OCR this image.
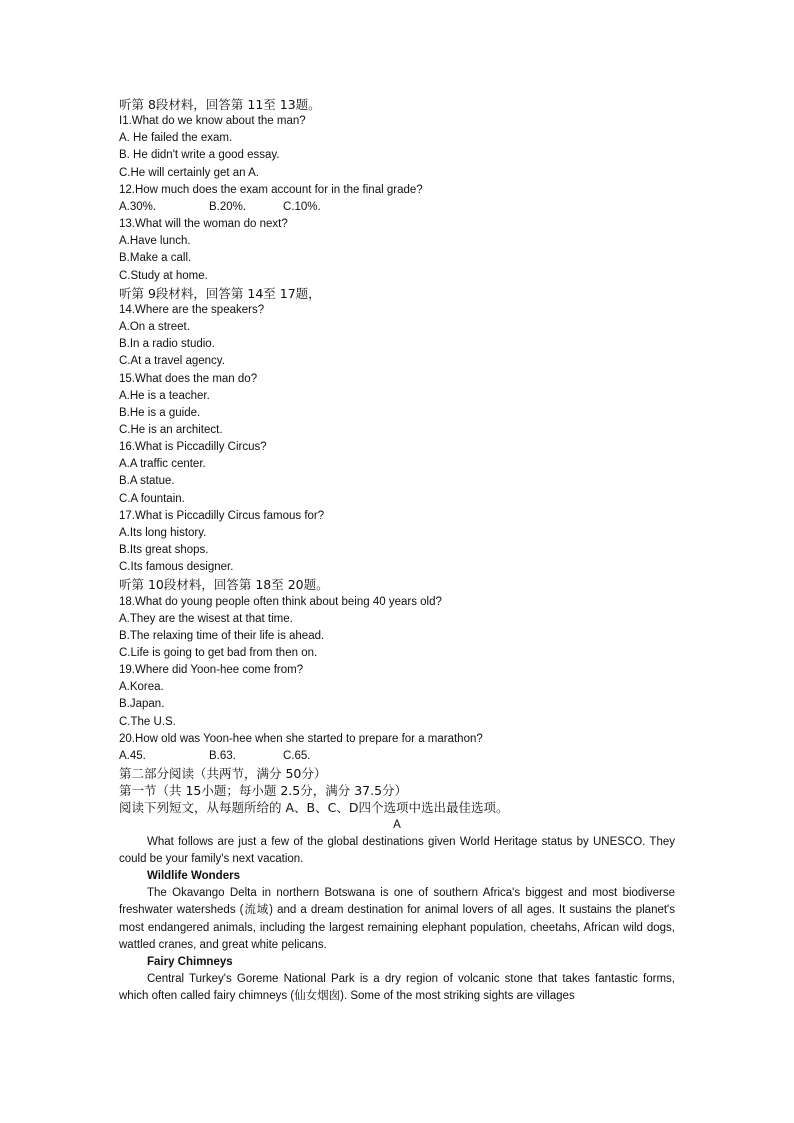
听第 8段材料，回答第 11至 13题。
I1.What do we know about the man?
A. He failed the exam.
B. He didn't write a good essay.
C.He will certainly get an A.
12.How much does the exam account for in the final grade?
A.30%.	B.20%.	C.10%.
13.What will the woman do next?
A.Have lunch.
B.Make a call.
C.Study at home.
听第 9段材料，回答第 14至 17题，
14.Where are the speakers?
A.On a street.
B.In a radio studio.
C.At a travel agency.
15.What does the man do?
A.He is a teacher.
B.He is a guide.
C.He is an architect.
16.What is Piccadilly Circus?
A.A traffic center.
B.A statue.
C.A fountain.
17.What is Piccadilly Circus famous for?
A.Its long history.
B.Its great shops.
C.Its famous designer.
听第 10段材料，回答第 18至 20题。
18.What do young people often think about being 40 years old?
A.They are the wisest at that time.
B.The relaxing time of their life is ahead.
C.Life is going to get bad from then on.
19.Where did Yoon-hee come from?
A.Korea.
B.Japan.
C.The U.S.
20.How old was Yoon-hee when she started to prepare for a marathon?
A.45.	B.63.	C.65.
第二部分阅读（共两节，满分 50分）
第一节（共 15小题；每小题 2.5分，满分 37.5分）
阅读下列短文，从每题所给的 A、B、C、D四个选项中选出最佳选项。
A
What follows are just a few of the global destinations given World Heritage status by UNESCO. They could be your family's next vacation.
Wildlife Wonders
The Okavango Delta in northern Botswana is one of southern Africa's biggest and most biodiverse freshwater watersheds (流域) and a dream destination for animal lovers of all ages. It sustains the planet's most endangered animals, including the largest remaining elephant population, cheetahs, African wild dogs, wattled cranes, and great white pelicans.
Fairy Chimneys
Central Turkey's Goreme National Park is a dry region of volcanic stone that takes fantastic forms, which often called fairy chimneys (仙女烟囱). Some of the most striking sights are villages
